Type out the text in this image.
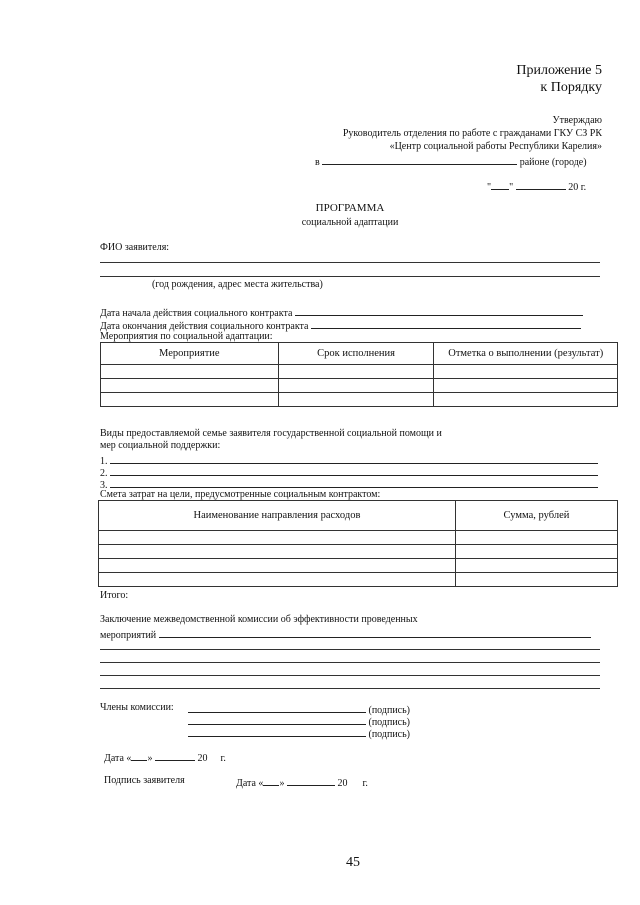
Приложение 5
к Порядку
Утверждаю
Руководитель отделения по работе с гражданами ГКУ СЗ РК
«Центр социальной работы Республики Карелия»
в	районе (городе)
" "	20 г.
ПРОГРАММА
социальной адаптации
ФИО заявителя:
(год рождения, адрес места жительства)
Дата начала действия социального контракта
Дата окончания действия социального контракта
Мероприятия по социальной адаптации:
Мероприятие	Срок исполнения	Отметка о выполнении (результат)

Виды предоставляемой семье заявителя государственной социальной помощи и
мер социальной поддержки:
1.
2.
3.
Смета затрат на цели, предусмотренные социальным контрактом:
Наименование направления расходов	Сумма, рублей

Итого:
Заключение межведомственной комиссии об эффективности проведенных
мероприятий
Члены комиссии:	(подпись)
(подпись)
(подпись)
Дата « »	20 г.
Подпись заявителя	Дата « »	20 г.
45
